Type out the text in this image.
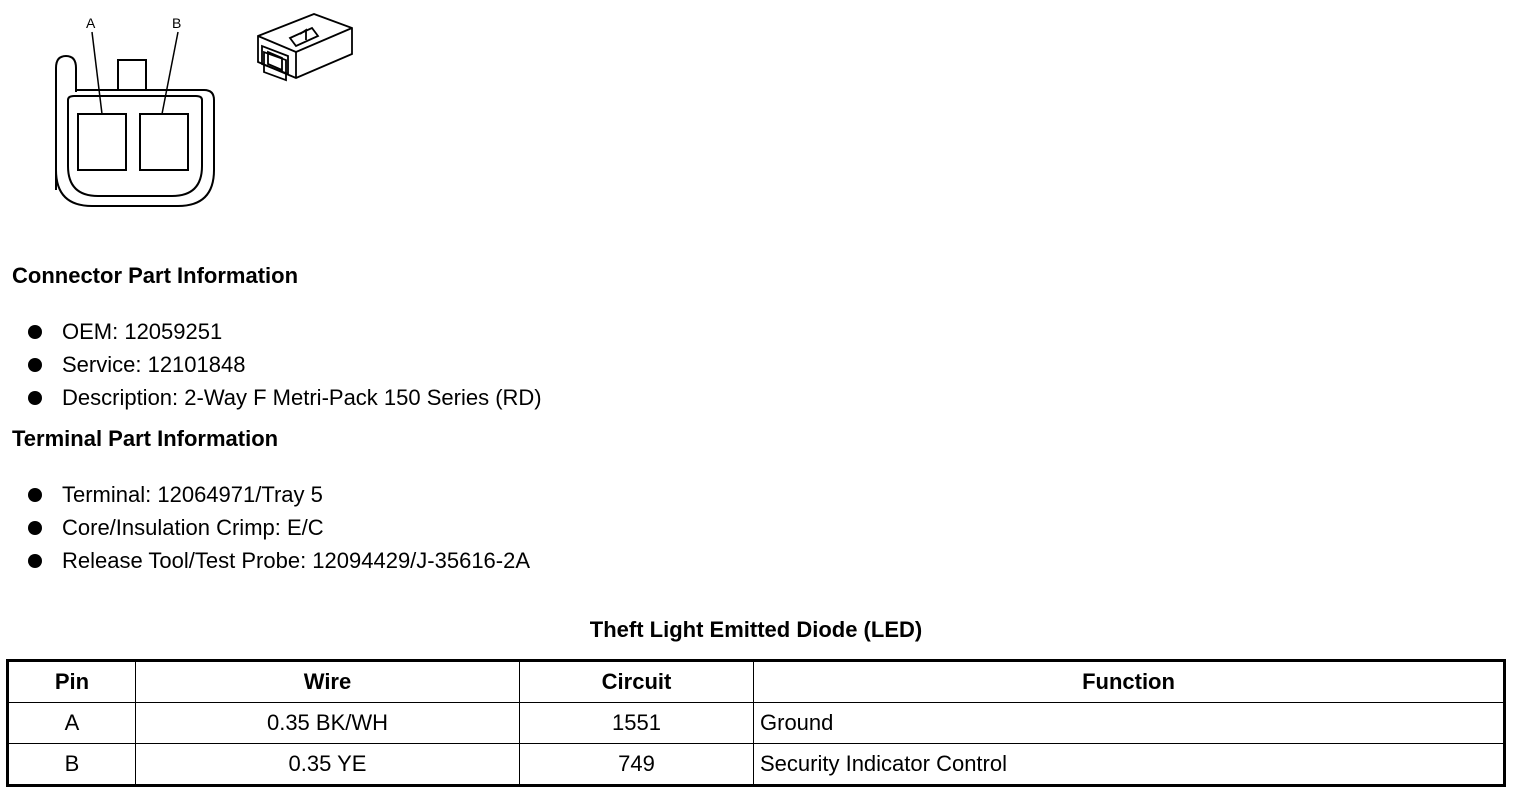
A	B
Connector Part Information
OEM: 12059251
Service: 12101848
Description: 2-Way F Metri-Pack 150 Series (RD)
Terminal Part Information
Terminal: 12064971/Tray 5
Core/Insulation Crimp: E/C
Release Tool/Test Probe: 12094429/J-35616-2A
Theft Light Emitted Diode (LED)
Pin	Wire	Circuit	Function
A	0.35 BK/WH	1551	Ground
B	0.35 YE	749	Security Indicator Control
